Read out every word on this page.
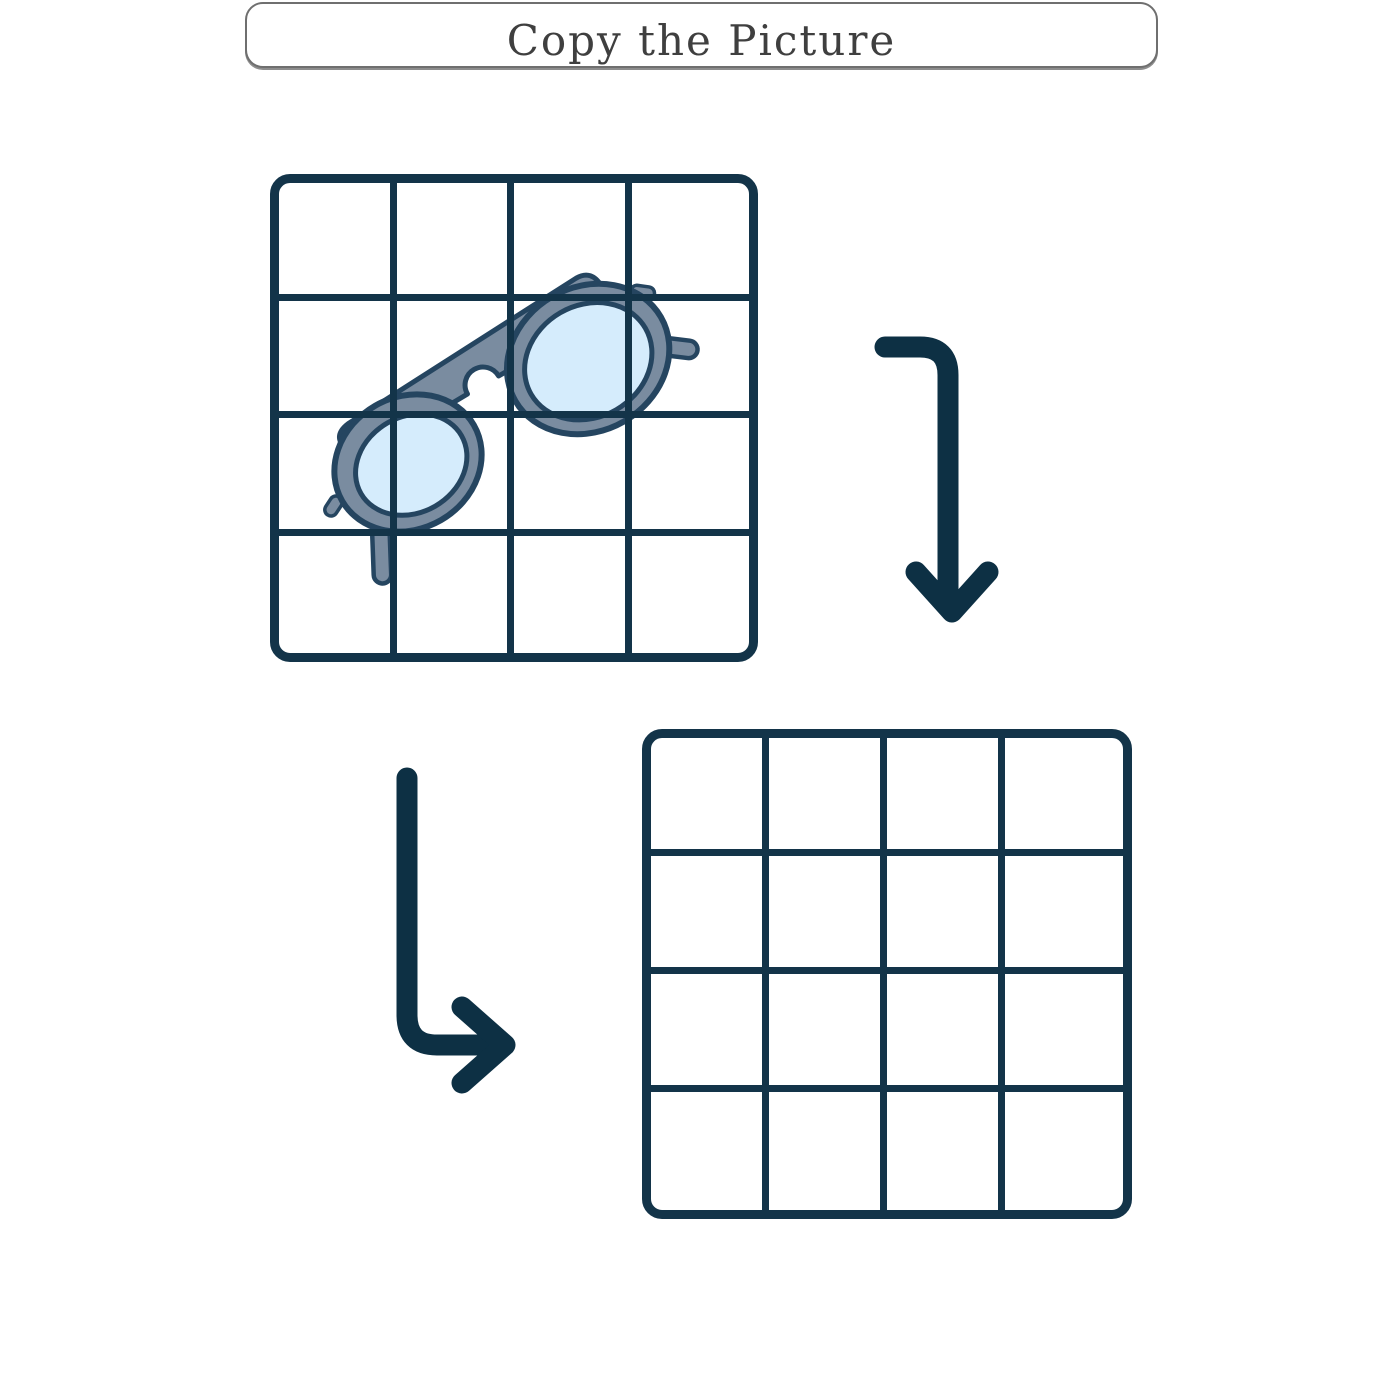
Copy the Picture
